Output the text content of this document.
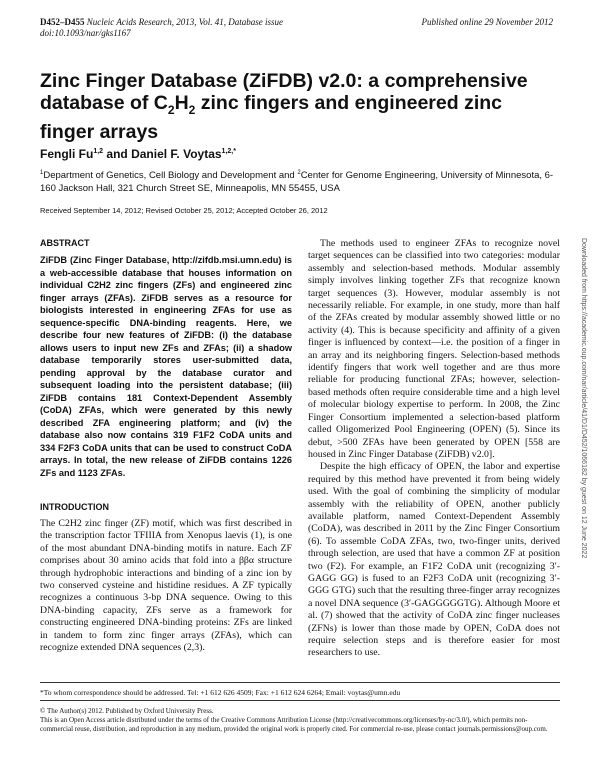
D452–D455 Nucleic Acids Research, 2013, Vol. 41, Database issue
doi:10.1093/nar/gks1167
Published online 29 November 2012
Zinc Finger Database (ZiFDB) v2.0: a comprehensive database of $C_2H_2$ zinc fingers and engineered zinc finger arrays
Fengli Fu$^{1,2}$ and Daniel F. Voytas$^{1,2,*}$
$^1$Department of Genetics, Cell Biology and Development and $^2$Center for Genome Engineering, University of Minnesota, 6-160 Jackson Hall, 321 Church Street SE, Minneapolis, MN 55455, USA
Received September 14, 2012; Revised October 25, 2012; Accepted October 26, 2012
ABSTRACT
ZiFDB (Zinc Finger Database, http://zifdb.msi.umn.edu) is a web-accessible database that houses information on individual C2H2 zinc fingers (ZFs) and engineered zinc finger arrays (ZFAs). ZiFDB serves as a resource for biologists interested in engineering ZFAs for use as sequence-specific DNA-binding reagents. Here, we describe four new features of ZiFDB: (i) the database allows users to input new ZFs and ZFAs; (ii) a shadow database temporarily stores user-submitted data, pending approval by the database curator and subsequent loading into the persistent database; (iii) ZiFDB contains 181 Context-Dependent Assembly (CoDA) ZFAs, which were generated by this newly described ZFA engineering platform; and (iv) the database also now contains 319 F1F2 CoDA units and 334 F2F3 CoDA units that can be used to construct CoDA arrays. In total, the new release of ZiFDB contains 1226 ZFs and 1123 ZFAs.
INTRODUCTION
The C2H2 zinc finger (ZF) motif, which was first described in the transcription factor TFIIIA from Xenopus laevis (1), is one of the most abundant DNA-binding motifs in nature. Each ZF comprises about 30 amino acids that fold into a ββα structure through hydrophobic interactions and binding of a zinc ion by two conserved cysteine and histidine residues. A ZF typically recognizes a continuous 3-bp DNA sequence. Owing to this DNA-binding capacity, ZFs serve as a framework for constructing engineered DNA-binding proteins: ZFs are linked in tandem to form zinc finger arrays (ZFAs), which can recognize extended DNA sequences (2,3).

The methods used to engineer ZFAs to recognize novel target sequences can be classified into two categories: modular assembly and selection-based methods. Modular assembly simply involves linking together ZFs that recognize known target sequences (3). However, modular assembly is not necessarily reliable. For example, in one study, more than half of the ZFAs created by modular assembly showed little or no activity (4). This is because specificity and affinity of a given finger is influenced by context—i.e. the position of a finger in an array and its neighboring fingers. Selection-based methods identify fingers that work well together and are thus more reliable for producing functional ZFAs; however, selection-based methods often require considerable time and a high level of molecular biology expertise to perform. In 2008, the Zinc Finger Consortium implemented a selection-based platform called Oligomerized Pool Engineering (OPEN) (5). Since its debut, >500 ZFAs have been generated by OPEN [558 are housed in Zinc Finger Database (ZiFDB) v2.0].

Despite the high efficacy of OPEN, the labor and expertise required by this method have prevented it from being widely used. With the goal of combining the simplicity of modular assembly with the reliability of OPEN, another publicly available platform, named Context-Dependent Assembly (CoDA), was described in 2011 by the Zinc Finger Consortium (6). To assemble CoDA ZFAs, two, two-finger units, derived through selection, are used that have a common ZF at position two (F2). For example, an F1F2 CoDA unit (recognizing 3′-GAGG GG) is fused to an F2F3 CoDA unit (recognizing 3′-GGG GTG) such that the resulting three-finger array recognizes a novel DNA sequence (3′-GAGGGGGTG). Although Moore et al. (7) showed that the activity of CoDA zinc finger nucleases (ZFNs) is lower than those made by OPEN, CoDA does not require selection steps and is therefore easier for most researchers to use.

Downloaded from https://academic.oup.com/nar/article/41/D1/D452/1066182 by guest on 12 June 2022
*To whom correspondence should be addressed. Tel: +1 612 626 4509; Fax: +1 612 624 6264; Email: voytas@umn.edu
© The Author(s) 2012. Published by Oxford University Press.
This is an Open Access article distributed under the terms of the Creative Commons Attribution License (http://creativecommons.org/licenses/by-nc/3.0/), which permits non-commercial reuse, distribution, and reproduction in any medium, provided the original work is properly cited. For commercial re-use, please contact journals.permissions@oup.com.
